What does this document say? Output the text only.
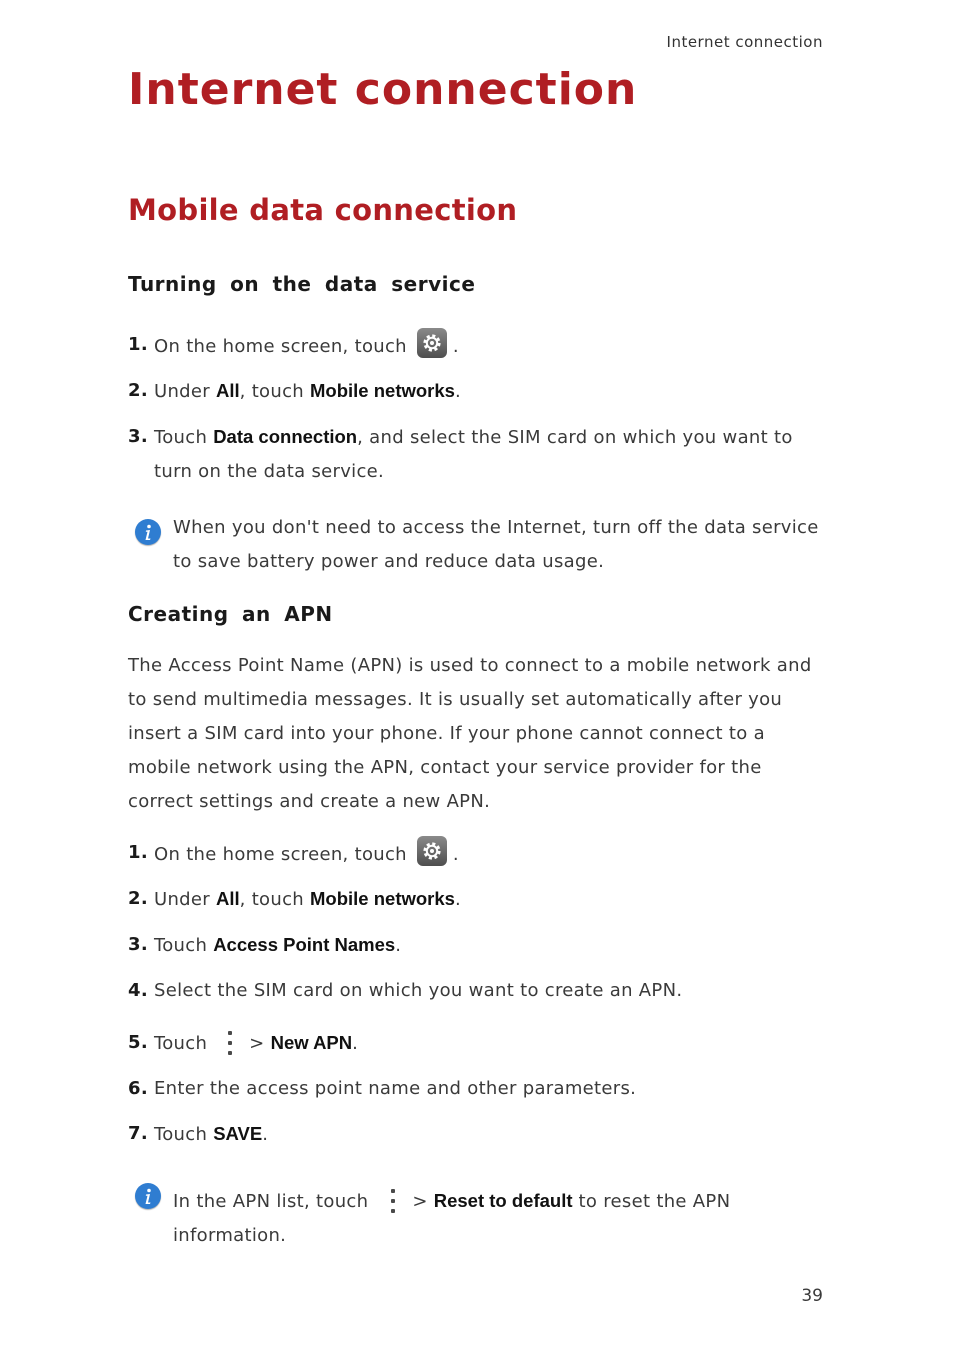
Internet connection
Internet connection
Mobile data connection
Turning on the data service
1. On the home screen, touch	.
2. Under All, touch Mobile networks.
3. Touch Data connection, and select the SIM card on which you want to turn on the data service.
When you don't need to access the Internet, turn off the data service to save battery power and reduce data usage.
Creating an APN
The Access Point Name (APN) is used to connect to a mobile network and to send multimedia messages. It is usually set automatically after you insert a SIM card into your phone. If your phone cannot connect to a mobile network using the APN, contact your service provider for the correct settings and create a new APN.
1. On the home screen, touch	.
2. Under All, touch Mobile networks.
3. Touch Access Point Names.
4. Select the SIM card on which you want to create an APN.
5. Touch > New APN.
6. Enter the access point name and other parameters.
7. Touch SAVE.
In the APN list, touch > Reset to default to reset the APN information.
39
